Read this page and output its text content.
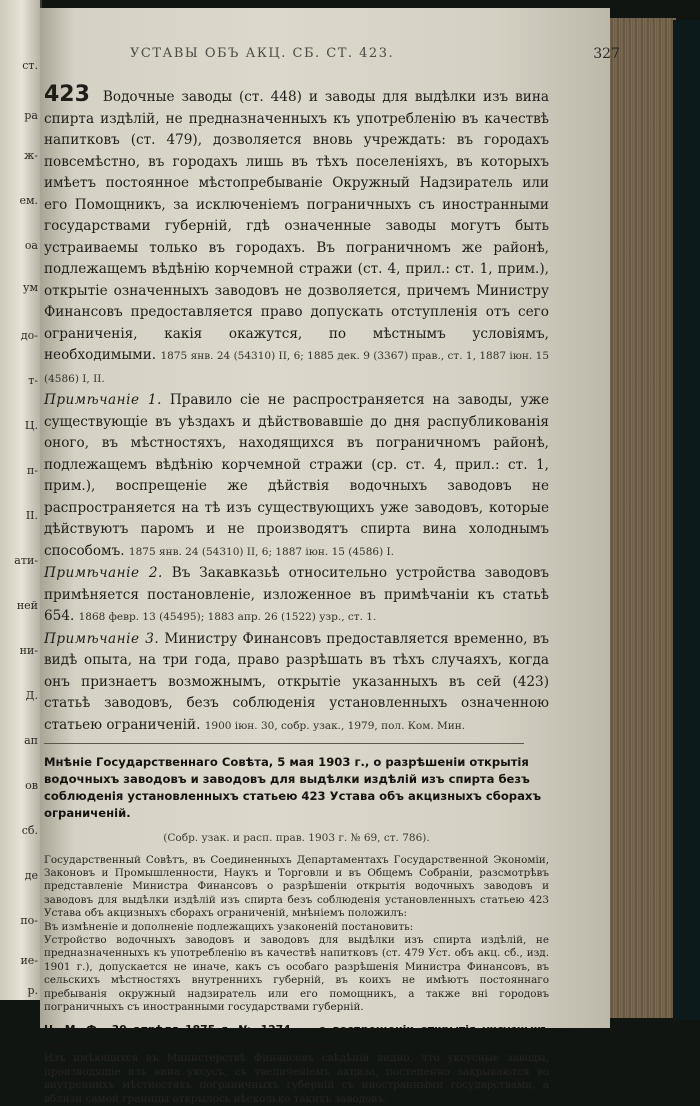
ст.
ра
ж-
ем.
оа
ум
до-
т-
Ц.
п-
II.
ати-
ней
ни-
Д.
ап
ов
сб.
де
по-
ие-
р.
УСТАВЫ ОБЪ АКЦ. СБ. СТ. 423.	327

423 Водочные заводы (ст. 448) и заводы для выдѣлки изъ вина спирта издѣлій, не предназначенныхъ къ употребленію въ качествѣ напитковъ (ст. 479), дозволяется вновь учреждать: въ городахъ повсемѣстно, въ городахъ лишь въ тѣхъ поселеніяхъ, въ которыхъ имѣетъ постоянное мѣстопребываніе Окружный Надзиратель или его Помощникъ, за исключеніемъ пограничныхъ съ иностранными государствами губерній, гдѣ означенные заводы могутъ быть устраиваемы только въ городахъ. Въ пограничномъ же районѣ, подлежащемъ вѣдѣнію корчемной стражи (ст. 4, прил.: ст. 1, прим.), открытіе означенныхъ заводовъ не дозволяется, причемъ Министру Финансовъ предоставляется право допускать отступленія отъ сего ограниченія, какія окажутся, по мѣстнымъ условіямъ, необходимыми. 1875 янв. 24 (54310) II, 6; 1885 дек. 9 (3367) прав., ст. 1, 1887 іюн. 15 (4586) I, II.

Примѣчаніе 1. Правило сіе не распространяется на заводы, уже существующіе въ уѣздахъ и дѣйствовавшіе до дня распубликованія оного, въ мѣстностяхъ, находящихся въ пограничномъ районѣ, подлежащемъ вѣдѣнію корчемной стражи (ср. ст. 4, прил.: ст. 1, прим.), воспрещеніе же дѣйствія водочныхъ заводовъ не распространяется на тѣ изъ существующихъ уже заводовъ, которые дѣйствуютъ паромъ и не производятъ спирта вина холоднымъ способомъ. 1875 янв. 24 (54310) II, 6; 1887 іюн. 15 (4586) I.

Примѣчаніе 2. Въ Закавказьѣ относительно устройства заводовъ примѣняется постановленіе, изложенное въ примѣчаніи къ статьѣ 654. 1868 февр. 13 (45495); 1883 апр. 26 (1522) узр., ст. 1.

Примѣчаніе 3. Министру Финансовъ предоставляется временно, въ видѣ опыта, на три года, право разрѣшать въ тѣхъ случаяхъ, когда онъ признаетъ возможнымъ, открытіе указанныхъ въ сей (423) статьѣ заводовъ, безъ соблюденія установленныхъ означенною статьею ограниченій. 1900 іюн. 30, собр. узак., 1979, пол. Ком. Мин.

Мнѣніе Государственнаго Совѣта, 5 мая 1903 г., о разрѣшеніи открытія водочныхъ заводовъ и заводовъ для выдѣлки издѣлій изъ спирта безъ соблюденія установленныхъ статьею 423 Устава объ акцизныхъ сборахъ ограниченій.
(Собр. узак. и расп. прав. 1903 г. № 69, ст. 786).

Государственный Совѣтъ, въ Соединенныхъ Департаментахъ Государственной Экономіи, Законовъ и Промышленности, Наукъ и Торговли и въ Общемъ Собраніи, разсмотрѣвъ представленіе Министра Финансовъ о разрѣшеніи открытія водочныхъ заводовъ и заводовъ для выдѣлки издѣлій изъ спирта безъ соблюденія установленныхъ статьею 423 Устава объ акцизныхъ сборахъ ограниченій, мнѣніемъ положилъ:

Въ измѣненіе и дополненіе подлежащихъ узаконеній постановить:

Устройство водочныхъ заводовъ и заводовъ для выдѣлки изъ спирта издѣлій, не предназначенныхъ къ употребленію въ качествѣ напитковъ (ст. 479 Уст. объ акц. сб., изд. 1901 г.), допускается не иначе, какъ съ особаго разрѣшенія Министра Финансовъ, въ сельскихъ мѣстностяхъ внутреннихъ губерній, въ коихъ не имѣютъ постояннаго пребыванія окружный надзиратель или его помощникъ, а также вні городовъ пограничныхъ съ иностранными государствами губерній.

Ц. М. Ф., 30 апрѣля 1875 г. № 1274, — о воспрещеніи открытія уксусныхъ заводовъ въ 21 верстной полосѣ отъ границы.

Изъ имѣющихся въ Министерствѣ Финансовъ свѣдѣній видно, что уксусные заводы, производящіе изъ вина уксусъ, съ увеличеніемъ акциза, постепенно закрываются во внутреннихъ мѣстностяхъ пограничныхъ губерній съ иностранными государствами, а вблизи самой границы открылось нѣсколько такихъ заводовъ.
